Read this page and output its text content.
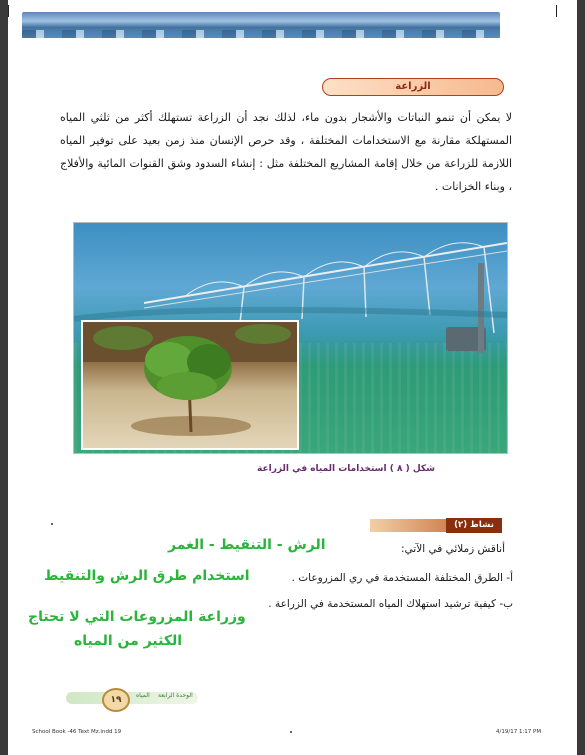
الزراعة
لا يمكن أن تنمو النباتات والأشجار بدون ماء، لذلك نجد أن الزراعة تستهلك أكثر من ثلثي المياه المستهلكة مقارنة مع الاستخدامات المختلفة ، وقد حرص الإنسان منذ زمن بعيد على توفير المياه اللازمة للزراعة من خلال إقامة المشاريع المختلفة مثل : إنشاء السدود وشق القنوات المائية والأفلاج ، وبناء الخزانات .
شكل ( ٨ ) استخدامات المياه في الزراعة
نشاط (٢)
أناقش زملائي في الآتي:
أ- الطرق المختلفة المستخدمة في ري المزروعات .
ب- كيفية ترشيد استهلاك المياه المستخدمة في الزراعة .
الرش - التنقيط - الغمر
استخدام طرق الرش والتنقيط
وزراعة المزروعات التي لا تحتاج
الكثير من المياه
١٩	الوحدة الرابعة
المياه
School Book -46 Text Mz.indd 19	4/19/17 1:17 PM
